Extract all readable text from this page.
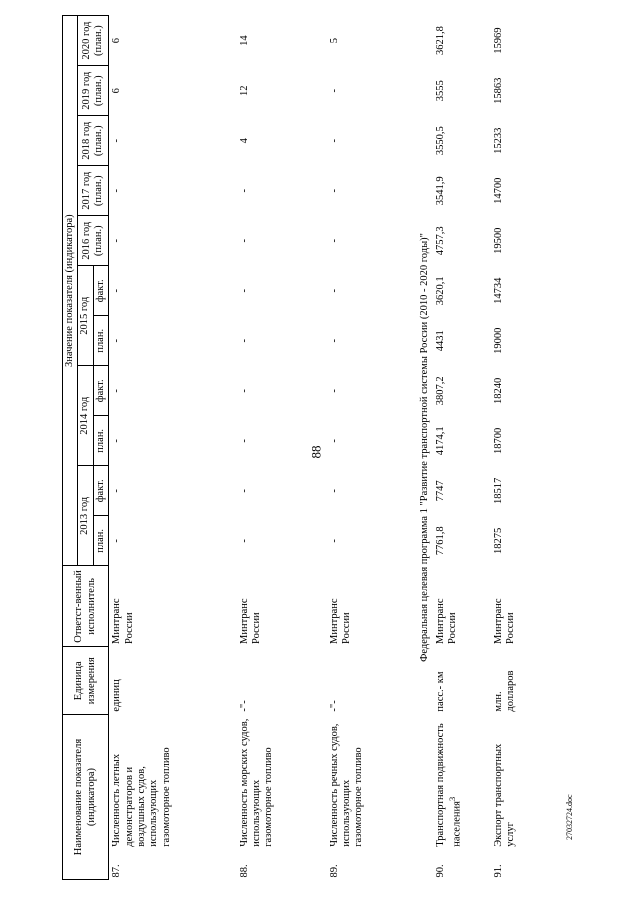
88
Наименование показателя (индикатора)		Единица измерения	Ответст-венный исполнитель	Значение показателя (индикатора)										
				2013 год		2014 год		2015 год		2016 год (план.)	2017 год (план.)	2018 год (план.)	2019 год (план.)	2020 год (план.)
				план.	факт.	план.	факт.	план.	факт.					
87.	Численность летных демонстраторов и воздушных судов, использующих газомоторное топливо	единиц	Минтранс России	-	-	-	-	-	-	-	-	-	6	6
88.	Численность морских судов, использующих газомоторное топливо	-"-	Минтранс России	-	-	-	-	-	-	-	-	4	12	14
89.	Численность речных судов, использующих газомоторное топливо	-"-	Минтранс России	-	-	-	-	-	-	-	-	-	-	5
Федеральная целевая программа 1 "Развитие транспортной системы России (2010 - 2020 годы)"														
90.	Транспортная подвижность населения$^3$	пасс.- км	Минтранс России	7761,8	7747	4174,1	3807,2	4431	3620,1	4757,3	3541,9	3550,5	3555	3621,8
91.	Экспорт транспортных услуг	млн. долларов	Минтранс России	18275	18517	18700	18240	19000	14734	19500	14700	15233	15863	15969
27032724.doc
